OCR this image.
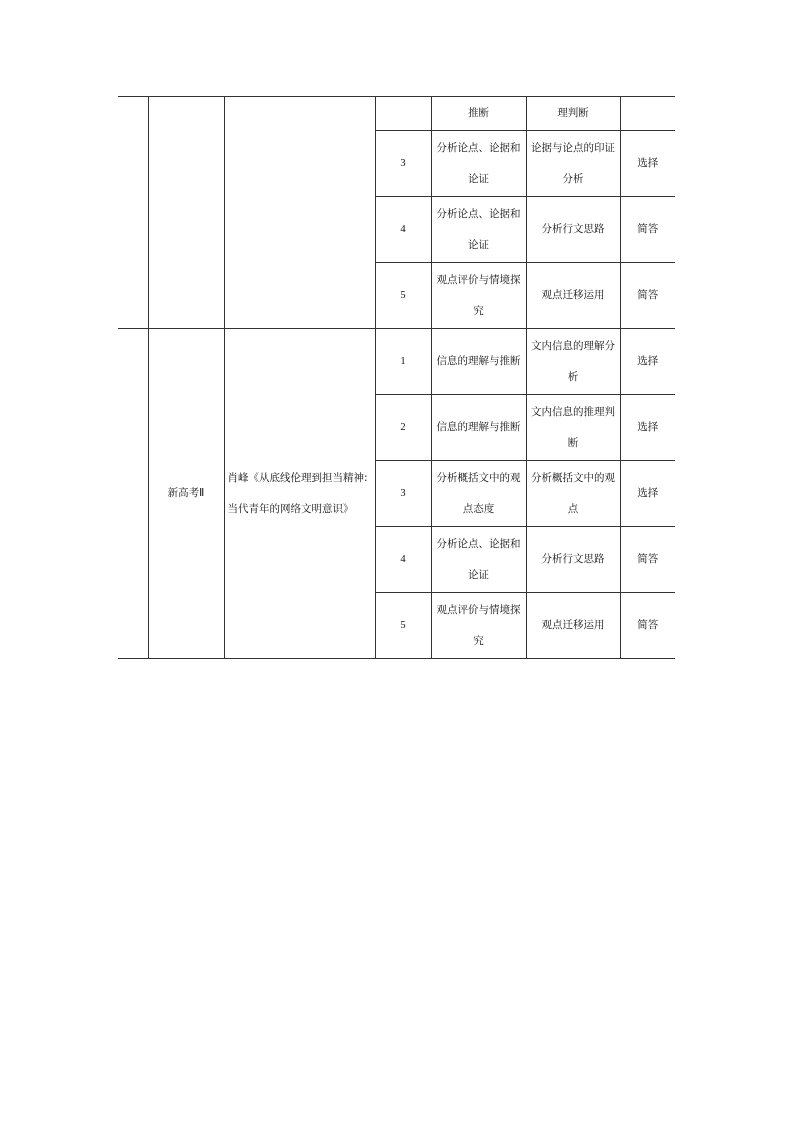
				推断	理判断	
			3	分析论点、论据和论证	论据与论点的印证分析	选择
			4	分析论点、论据和论证	分析行文思路	简答
			5	观点评价与情境探究	观点迁移运用	简答
	新高考Ⅱ	肖峰《从底线伦理到担当精神:当代青年的网络文明意识》	1	信息的理解与推断	文内信息的理解分析	选择
			2	信息的理解与推断	文内信息的推理判断	选择
			3	分析概括文中的观点态度	分析概括文中的观点	选择
			4	分析论点、论据和论证	分析行文思路	简答
			5	观点评价与情境探究	观点迁移运用	简答
